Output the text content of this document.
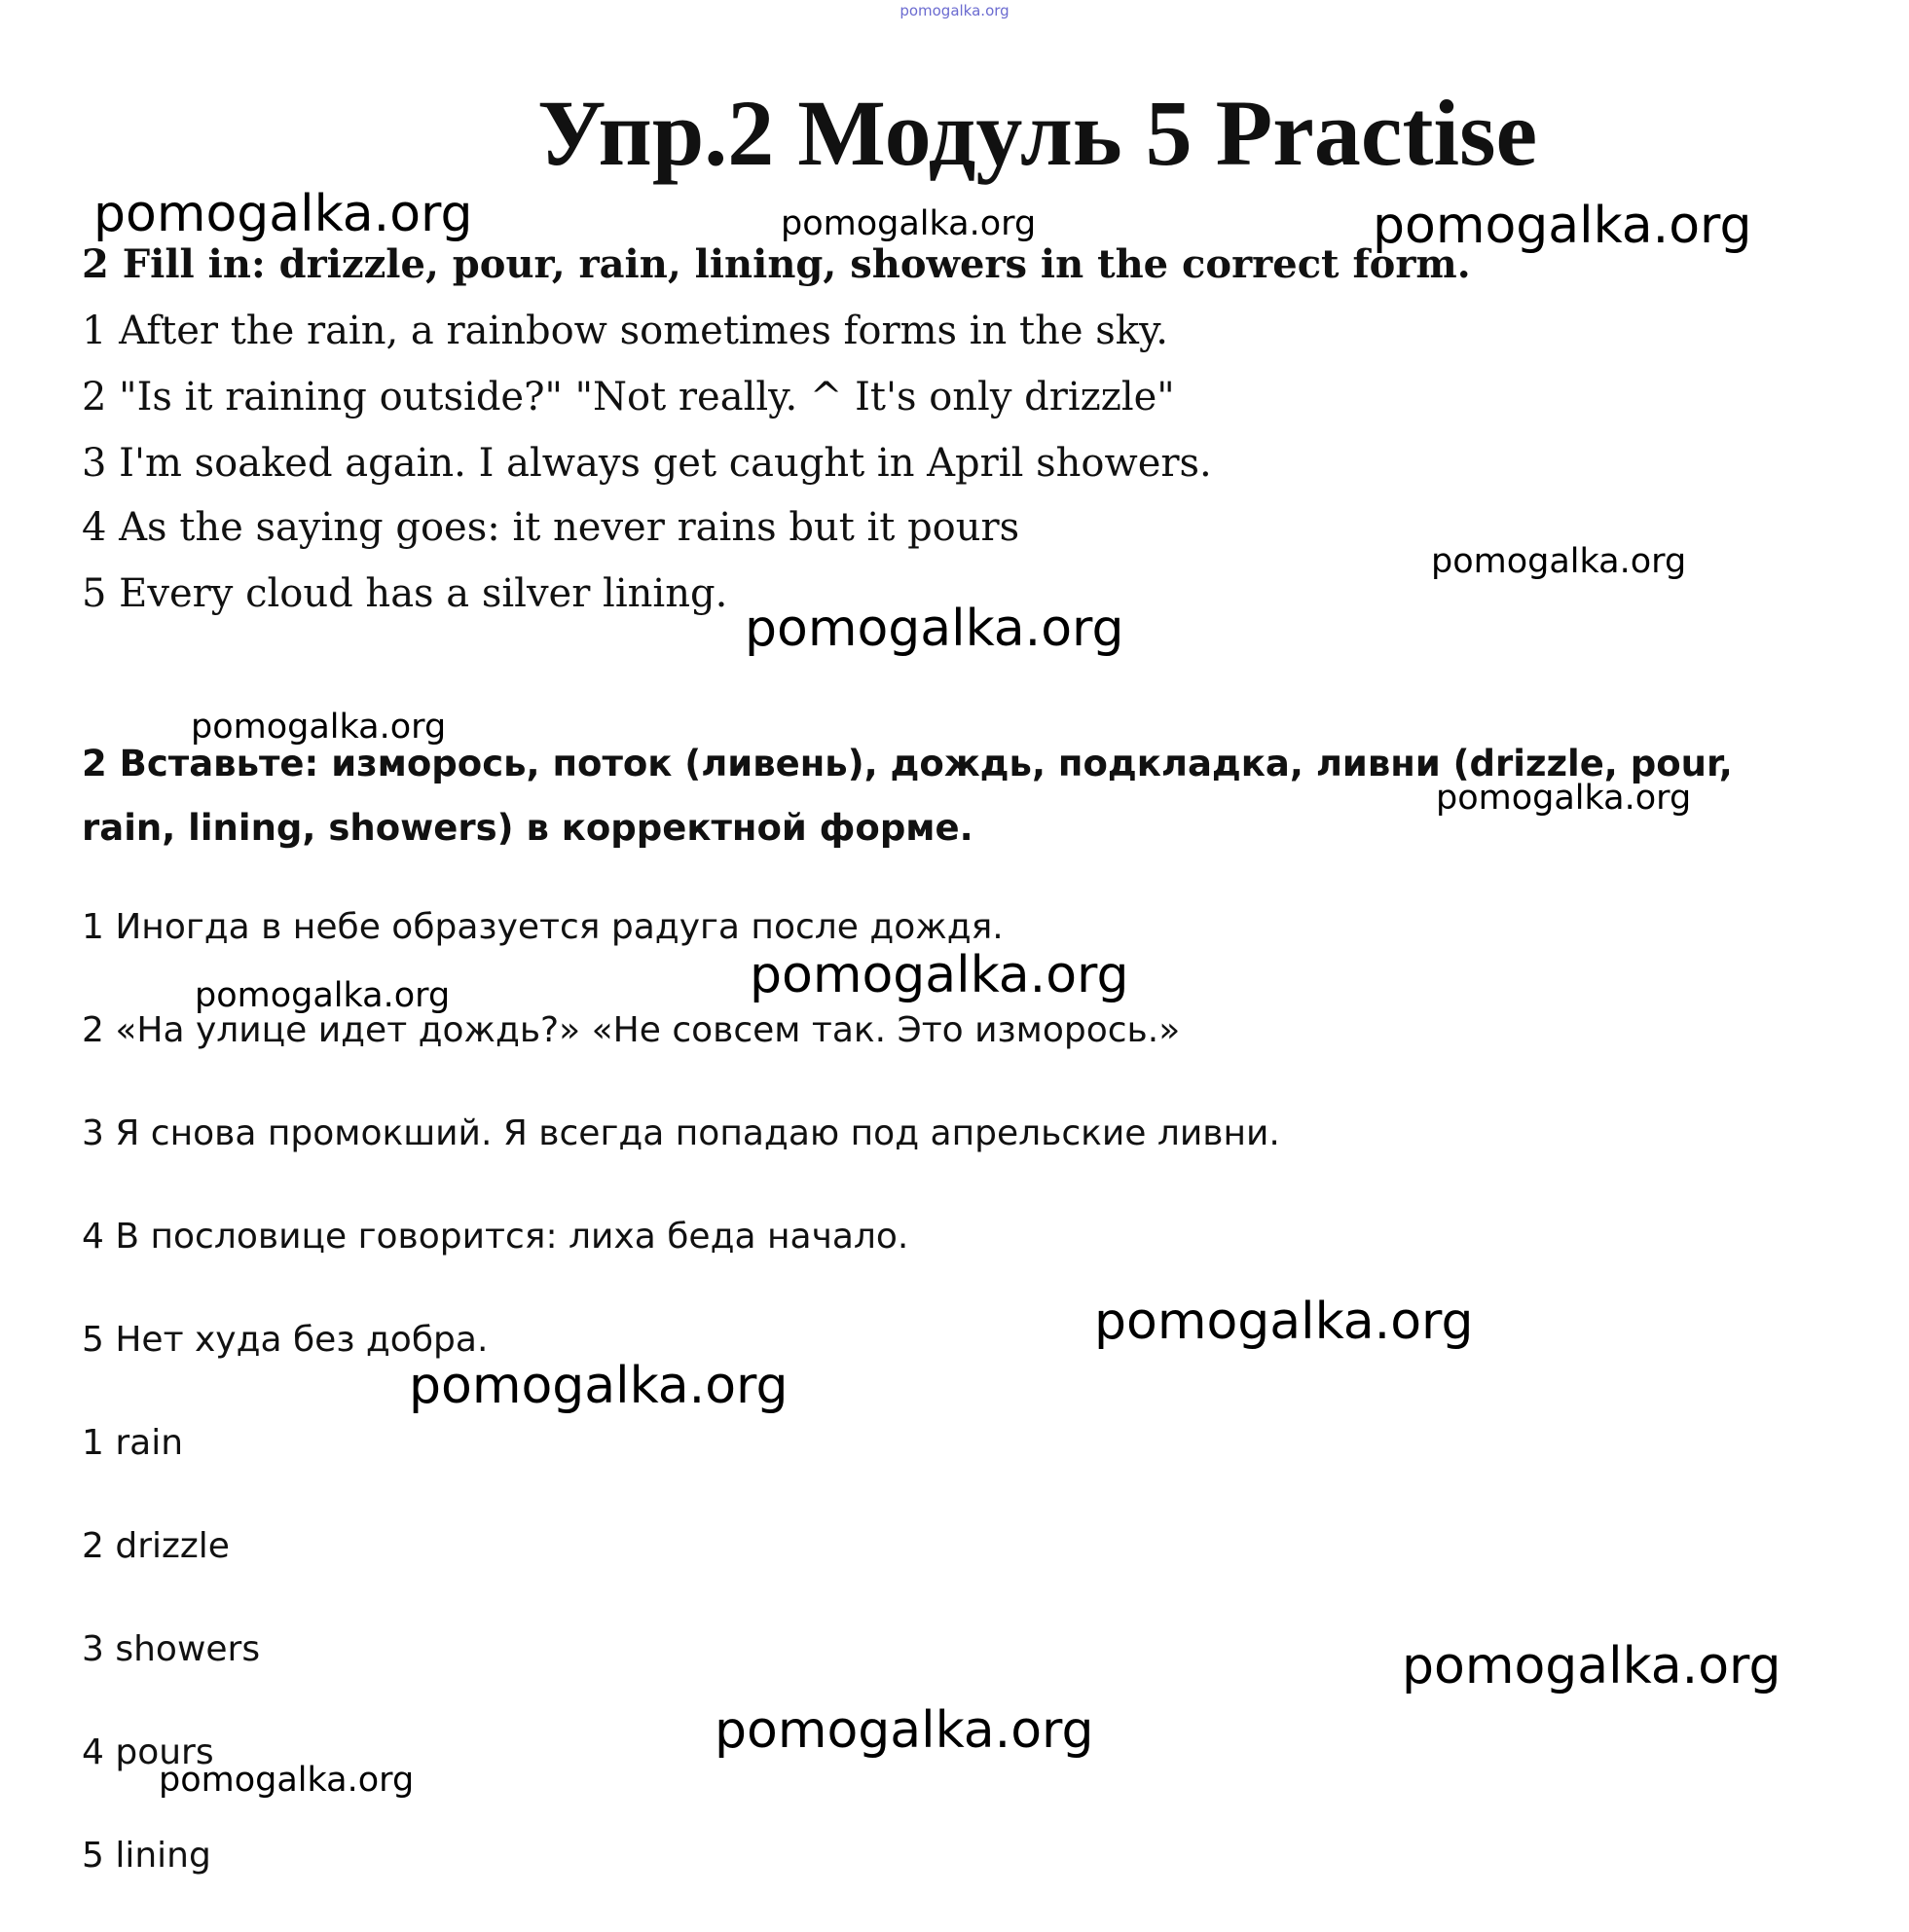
pomogalka.org
Упр.2 Модуль 5 Practise
2 Fill in: drizzle, pour, rain, lining, showers in the correct form.
1 After the rain, a rainbow sometimes forms in the sky.
2 "Is it raining outside?" "Not really. ^ It's only drizzle"
3 I'm soaked again. I always get caught in April showers.
4 As the saying goes: it never rains but it pours
5 Every cloud has a silver lining.
2 Вставьте: изморось, поток (ливень), дождь, подкладка, ливни (drizzle, pour, rain, lining, showers) в корректной форме.
1 Иногда в небе образуется радуга после дождя.
2 «На улице идет дождь?» «Не совсем так. Это изморось.»
3 Я снова промокший. Я всегда попадаю под апрельские ливни.
4 В пословице говорится: лиха беда начало.
5 Нет худа без добра.
1 rain
2 drizzle
3 showers
4 pours
5 lining
pomogalka.org	pomogalka.org	pomogalka.org
pomogalka.org
pomogalka.org
pomogalka.org
pomogalka.org
pomogalka.org
pomogalka.org
pomogalka.org
pomogalka.org
pomogalka.org
pomogalka.org
pomogalka.org
